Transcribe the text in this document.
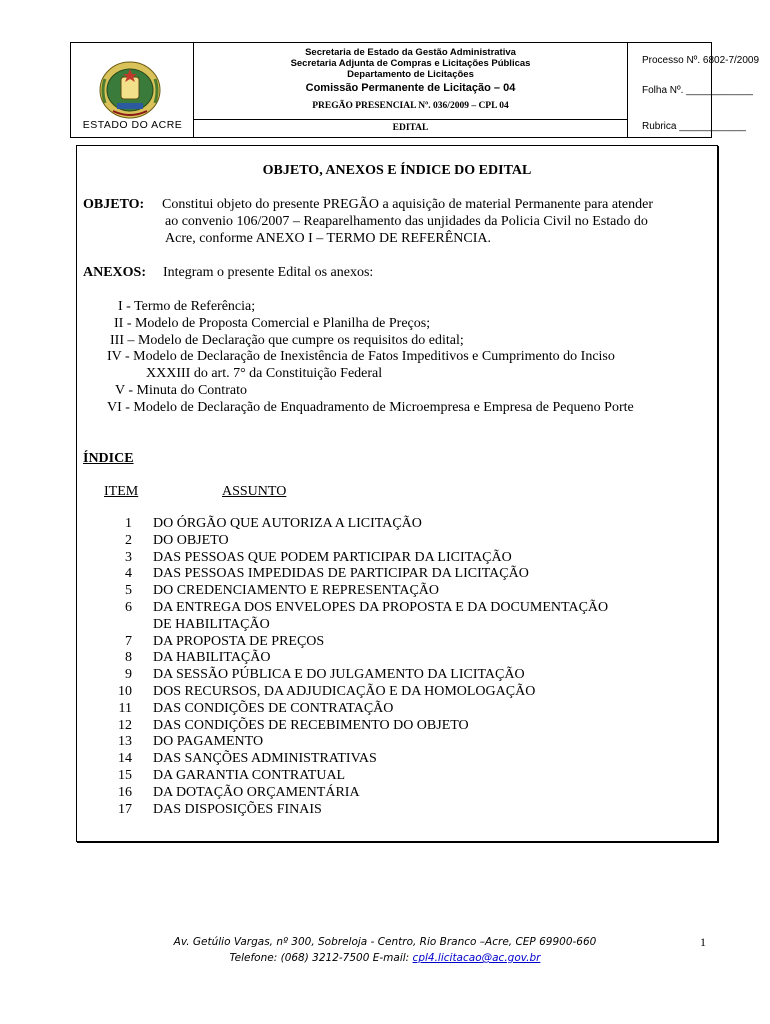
ESTADO DO ACRE
Secretaria de Estado da Gestão Administrativa
Secretaria Adjunta de Compras e Licitações Públicas
Departamento de Licitações
Comissão Permanente de Licitação – 04
PREGÃO PRESENCIAL Nº. 036/2009 – CPL 04
EDITAL
Processo Nº. 6802-7/2009
Folha Nº. ____________
Rubrica ____________
OBJETO, ANEXOS E ÍNDICE DO EDITAL
OBJETO: Constitui objeto do presente PREGÃO a aquisição de material Permanente para atender
ao convenio 106/2007 – Reaparelhamento das unjidades da Policia Civil no Estado do
Acre, conforme ANEXO I – TERMO DE REFERÊNCIA.
ANEXOS: Integram o presente Edital os anexos:
I - Termo de Referência;
II - Modelo de Proposta Comercial e Planilha de Preços;
III – Modelo de Declaração que cumpre os requisitos do edital;
IV - Modelo de Declaração de Inexistência de Fatos Impeditivos e Cumprimento do Inciso
XXXIII do art. 7° da Constituição Federal
V - Minuta do Contrato
VI - Modelo de Declaração de Enquadramento de Microempresa e Empresa de Pequeno Porte
ÍNDICE
ITEM	ASSUNTO
1 DO ÓRGÃO QUE AUTORIZA A LICITAÇÃO
2 DO OBJETO
3 DAS PESSOAS QUE PODEM PARTICIPAR DA LICITAÇÃO
4 DAS PESSOAS IMPEDIDAS DE PARTICIPAR DA LICITAÇÃO
5 DO CREDENCIAMENTO E REPRESENTAÇÃO
6 DA ENTREGA DOS ENVELOPES DA PROPOSTA E DA DOCUMENTAÇÃO
DE HABILITAÇÃO
7 DA PROPOSTA DE PREÇOS
8 DA HABILITAÇÃO
9 DA SESSÃO PÚBLICA E DO JULGAMENTO DA LICITAÇÃO
10 DOS RECURSOS, DA ADJUDICAÇÃO E DA HOMOLOGAÇÃO
11 DAS CONDIÇÕES DE CONTRATAÇÃO
12 DAS CONDIÇÕES DE RECEBIMENTO DO OBJETO
13 DO PAGAMENTO
14 DAS SANÇÕES ADMINISTRATIVAS
15 DA GARANTIA CONTRATUAL
16 DA DOTAÇÃO ORÇAMENTÁRIA
17 DAS DISPOSIÇÕES FINAIS
Av. Getúlio Vargas, nº 300, Sobreloja - Centro, Rio Branco –Acre, CEP 69900-660
Telefone: (068) 3212-7500 E-mail: cpl4.licitacao@ac.gov.br
1
